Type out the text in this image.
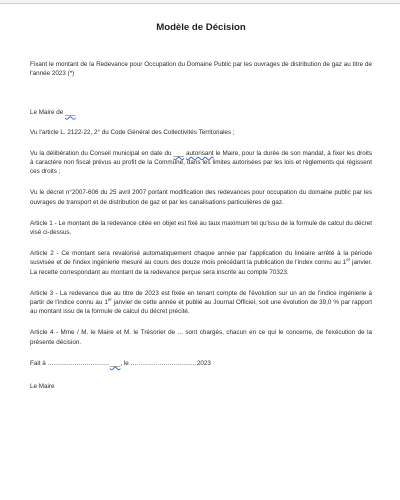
Modèle de Décision

Fixant le montant de la Redevance pour Occupation du Domaine Public par les ouvrages de distribution de gaz au titre de l'année 2023 (*)

Le Maire de ___

Vu l'article L. 2122-22, 2° du Code Général des Collectivités Territoriales ;

Vu la délibération du Conseil municipal en date du ___ autorisant le Maire, pour la durée de son mandat, à fixer les droits à caractère non fiscal prévus au profit de la Commune, dans les limites autorisées par les lois et règlements qui régissent ces droits ;

Vu le décret n°2007-606 du 25 avril 2007 portant modification des redevances pour occupation du domaine public par les ouvrages de transport et de distribution de gaz et par les canalisations particulières de gaz.

Article 1 - Le montant de la redevance citée en objet est fixé au taux maximum tel qu'issu de la formule de calcul du décret visé ci-dessus.

Article 2 - Ce montant sera revalorisé automatiquement chaque année par l'application du linéaire arrêté à la période susvisée et de l'index ingénierie mesuré au cours des douze mois précédant la publication de l'index connu au 1er janvier. La recette correspondant au montant de la redevance perçue sera inscrite au compte 70323.

Article 3 - La redevance due au titre de 2023 est fixée en tenant compte de l'évolution sur un an de l'indice ingénierie à partir de l'indice connu au 1er janvier de cette année et publié au Journal Officiel, soit une évolution de 39,0 % par rapport au montant issu de la formule de calcul du décret précité.

Article 4 - Mme / M. le Maire et M. le Trésorier de ... sont chargés, chacun en ce qui le concerne, de l'exécution de la présente décision.

Fait à ................................___, le ..................................2023

Le Maire
